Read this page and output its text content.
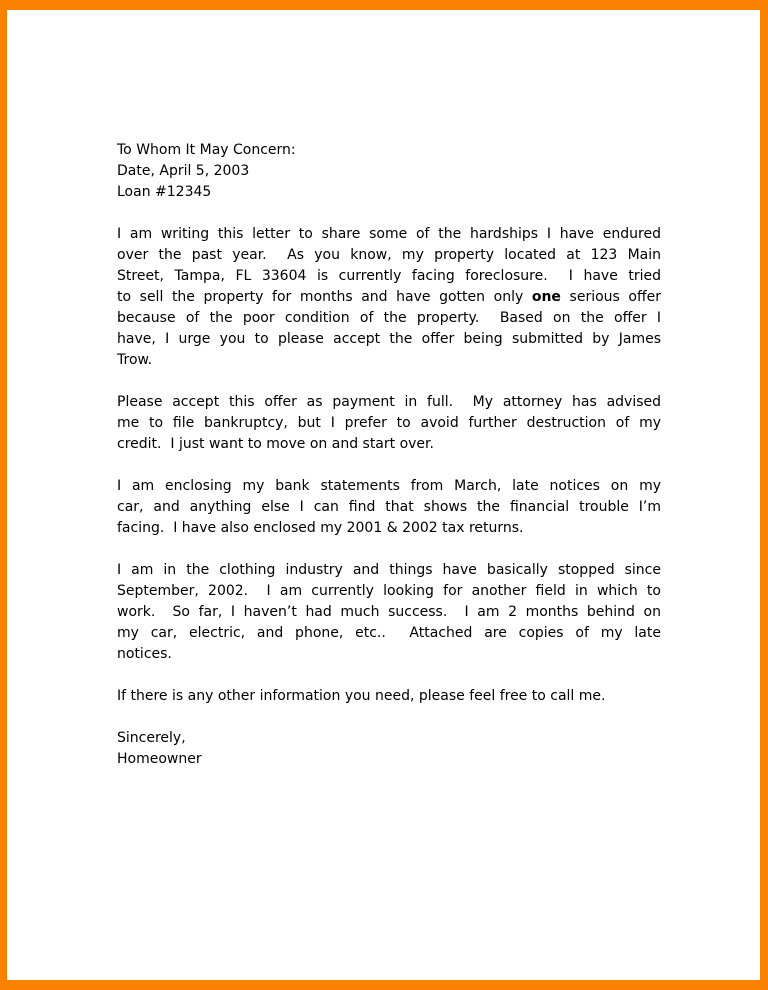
To Whom It May Concern:
Date, April 5, 2003
Loan #12345
I am writing this letter to share some of the hardships I have endured
over the past year.  As you know, my property located at 123 Main
Street, Tampa, FL 33604 is currently facing foreclosure.  I have tried
to sell the property for months and have gotten only one serious offer
because of the poor condition of the property.  Based on the offer I
have, I urge you to please accept the offer being submitted by James
Trow.
Please accept this offer as payment in full.  My attorney has advised
me to file bankruptcy, but I prefer to avoid further destruction of my
credit.  I just want to move on and start over.
I am enclosing my bank statements from March, late notices on my
car, and anything else I can find that shows the financial trouble I’m
facing.  I have also enclosed my 2001 & 2002 tax returns.
I am in the clothing industry and things have basically stopped since
September, 2002.  I am currently looking for another field in which to
work.  So far, I haven’t had much success.  I am 2 months behind on
my car, electric, and phone, etc..  Attached are copies of my late
notices.
If there is any other information you need, please feel free to call me.
Sincerely,
Homeowner
